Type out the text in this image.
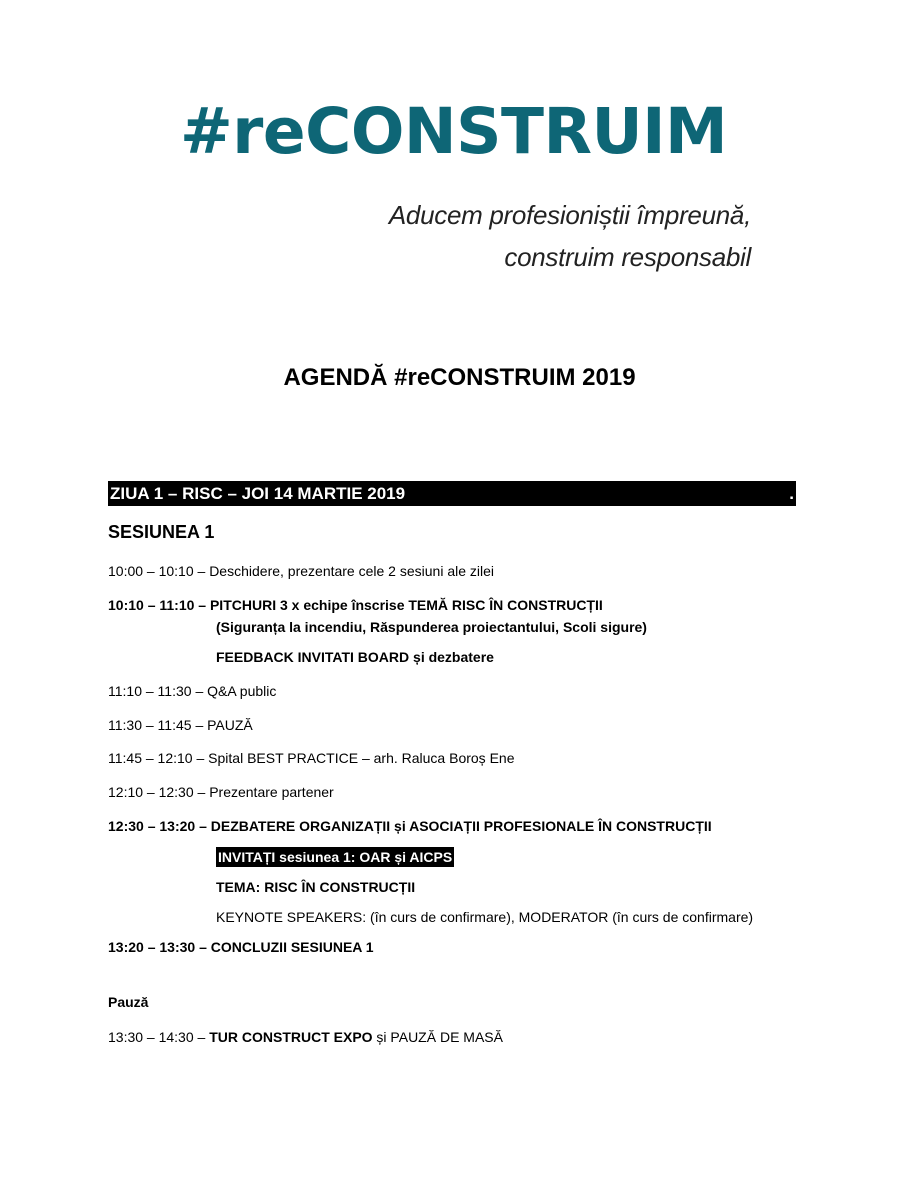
#reCONSTRUIM
Aducem profesioniștii împreună,
construim responsabil
AGENDĂ #reCONSTRUIM 2019
ZIUA 1 – RISC – JOI 14 MARTIE 2019	.
SESIUNEA 1
10:00 – 10:10 – Deschidere, prezentare cele 2 sesiuni ale zilei
10:10 – 11:10 – PITCHURI 3 x echipe înscrise TEMĂ RISC ÎN CONSTRUCȚII
(Siguranța la incendiu, Răspunderea proiectantului, Scoli sigure)
FEEDBACK INVITATI BOARD și dezbatere
11:10 – 11:30 – Q&A public
11:30 – 11:45 – PAUZĂ
11:45 – 12:10 – Spital BEST PRACTICE – arh. Raluca Boroș Ene
12:10 – 12:30 – Prezentare partener
12:30 – 13:20 – DEZBATERE ORGANIZAȚII și ASOCIAȚII PROFESIONALE ÎN CONSTRUCȚII
INVITAȚI sesiunea 1: OAR și AICPS
TEMA: RISC ÎN CONSTRUCȚII
KEYNOTE SPEAKERS: (în curs de confirmare), MODERATOR (în curs de confirmare)
13:20 – 13:30 – CONCLUZII SESIUNEA 1
Pauză
13:30 – 14:30 – TUR CONSTRUCT EXPO și PAUZĂ DE MASĂ
